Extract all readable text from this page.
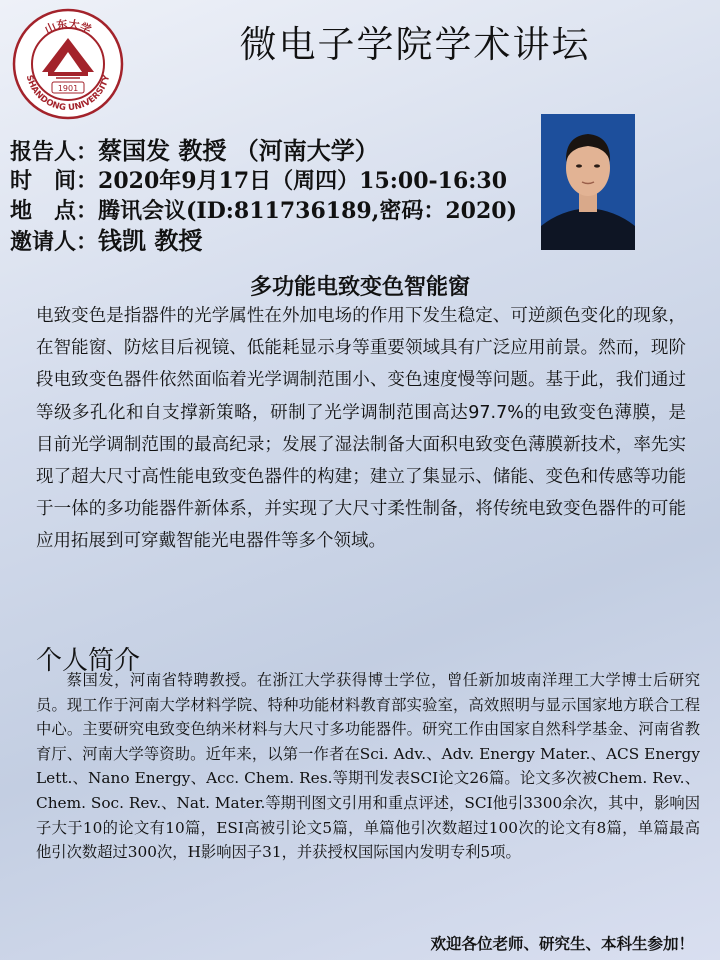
山东大学
SHANDONG UNIVERSITY
1901
微电子学院学术讲坛
报告人：蔡国发 教授 （河南大学）
时　间：2020年9月17日（周四）15:00-16:30
地　点：腾讯会议(ID:811736189,密码：2020)
邀请人：钱凯 教授
多功能电致变色智能窗

电致变色是指器件的光学属性在外加电场的作用下发生稳定、可逆颜色变化的现象，在智能窗、防炫目后视镜、低能耗显示身等重要领域具有广泛应用前景。然而，现阶段电致变色器件依然面临着光学调制范围小、变色速度慢等问题。基于此，我们通过等级多孔化和自支撑新策略，研制了光学调制范围高达97.7%的电致变色薄膜，是目前光学调制范围的最高纪录；发展了湿法制备大面积电致变色薄膜新技术，率先实现了超大尺寸高性能电致变色器件的构建；建立了集显示、储能、变色和传感等功能于一体的多功能器件新体系，并实现了大尺寸柔性制备，将传统电致变色器件的可能应用拓展到可穿戴智能光电器件等多个领域。

个人简介

蔡国发，河南省特聘教授。在浙江大学获得博士学位，曾任新加坡南洋理工大学博士后研究员。现工作于河南大学材料学院、特种功能材料教育部实验室，高效照明与显示国家地方联合工程中心。主要研究电致变色纳米材料与大尺寸多功能器件。研究工作由国家自然科学基金、河南省教育厅、河南大学等资助。近年来，以第一作者在Sci. Adv.、Adv. Energy Mater.、ACS Energy Lett.、Nano Energy、Acc. Chem. Res.等期刊发表SCI论文26篇。论文多次被Chem. Rev.、Chem. Soc. Rev.、Nat. Mater.等期刊图文引用和重点评述，SCI他引3300余次，其中，影响因子大于10的论文有10篇，ESI高被引论文5篇，单篇他引次数超过100次的论文有8篇，单篇最高他引次数超过300次，H影响因子31，并获授权国际国内发明专利5项。

欢迎各位老师、研究生、本科生参加！
